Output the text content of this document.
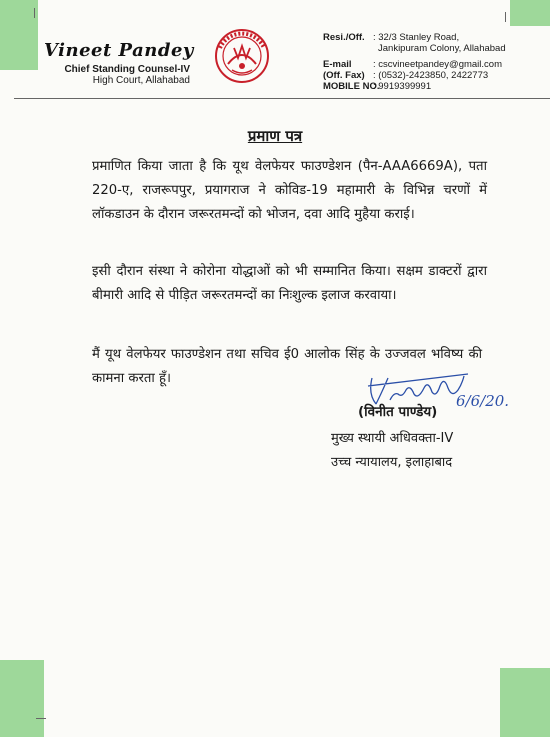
Vineet Pandey
Chief Standing Counsel-IV
High Court, Allahabad
Resi./Off. : 32/3 Stanley Road,
Jankipuram Colony, Allahabad
E-mail : cscvineetpandey@gmail.com
(Off. Fax) : (0532)-2423850, 2422773
MOBILE NO.
: 9919399991
प्रमाण पत्र
प्रमाणित किया जाता है कि यूथ वेलफेयर फाउण्डेशन (पैन-AAA6669A), पता 220-ए, राजरूपपुर, प्रयागराज ने कोविड-19 महामारी के विभिन्न चरणों में लॉकडाउन के दौरान जरूरतमन्दों को भोजन, दवा आदि मुहैया कराई।
इसी दौरान संस्था ने कोरोना योद्धाओं को भी सम्मानित किया। सक्षम डाक्टरों द्वारा बीमारी आदि से पीड़ित जरूरतमन्दों का निःशुल्क इलाज करवाया।
मैं यूथ वेलफेयर फाउण्डेशन तथा सचिव ई0 आलोक सिंह के उज्जवल भविष्य की कामना करता हूँ।
6/6/20.
(विनीत पाण्डेय)
मुख्य स्थायी अधिवक्ता-IV
उच्च न्यायालय, इलाहाबाद
